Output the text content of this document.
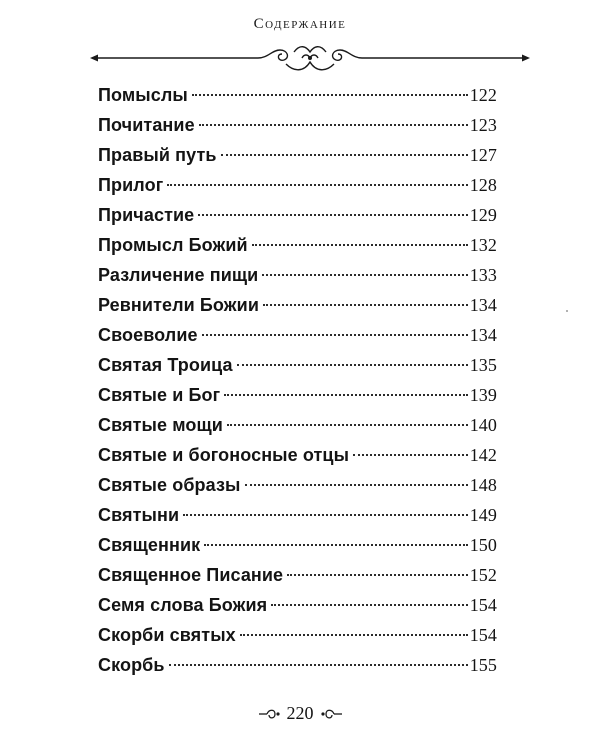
Содержание
Помыслы	122
Почитание	123
Правый путь	127
Прилог	128
Причастие	129
Промысл Божий	132
Различение пищи	133
Ревнители Божии	134
Своеволие	134
Святая Троица	135
Святые и Бог	139
Святые мощи	140
Святые и богоносные отцы	142
Святые образы	148
Святыни	149
Священник	150
Священное Писание	152
Семя слова Божия	154
Скорби святых	154
Скорбь	155
220
